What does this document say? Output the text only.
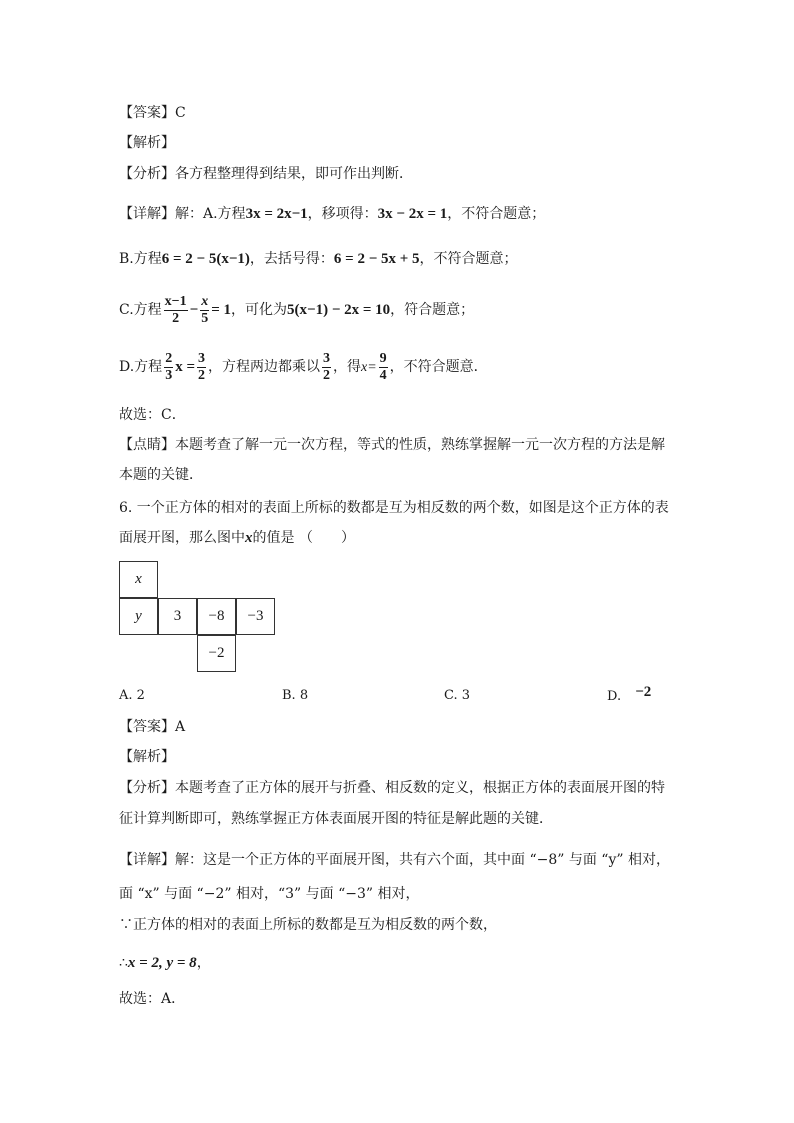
【答案】C
【解析】
【分析】各方程整理得到结果，即可作出判断．
【详解】解：A.方程3x = 2x−1，移项得：3x − 2x = 1，不符合题意；
B.方程6 = 2 − 5(x−1)，去括号得：6 = 2 − 5x + 5，不符合题意；
C.方程 $\frac{x-1}{2} - \frac{x}{5} = 1$，可化为5(x−1) − 2x = 10，符合题意；
D.方程 $\frac{2}{3}$ $x = \frac{3}{2}$ ，方程两边都乘以 $\frac{3}{2}$ ，得$x= \frac{9}{4}$ ，不符合题意．
故选：C．
【点睛】本题考查了解一元一次方程，等式的性质，熟练掌握解一元一次方程的方法是解
本题的关键．
6. 一个正方体的相对的表面上所标的数都是互为相反数的两个数，如图是这个正方体的表
面展开图，那么图中x的值是 （　　）
x
y	3	−8	−3
−2
A. 2	B. 8	C. 3	D. −2
【答案】A
【解析】
【分析】本题考查了正方体的展开与折叠、相反数的定义，根据正方体的表面展开图的特
征计算判断即可，熟练掌握正方体表面展开图的特征是解此题的关键．
【详解】解：这是一个正方体的平面展开图，共有六个面，其中面 “−8” 与面 “y” 相对，
面 “x” 与面 “−2” 相对，“3” 与面 “−3” 相对，
∵正方体的相对的表面上所标的数都是互为相反数的两个数，
∴x = 2, y = 8，
故选：A．
